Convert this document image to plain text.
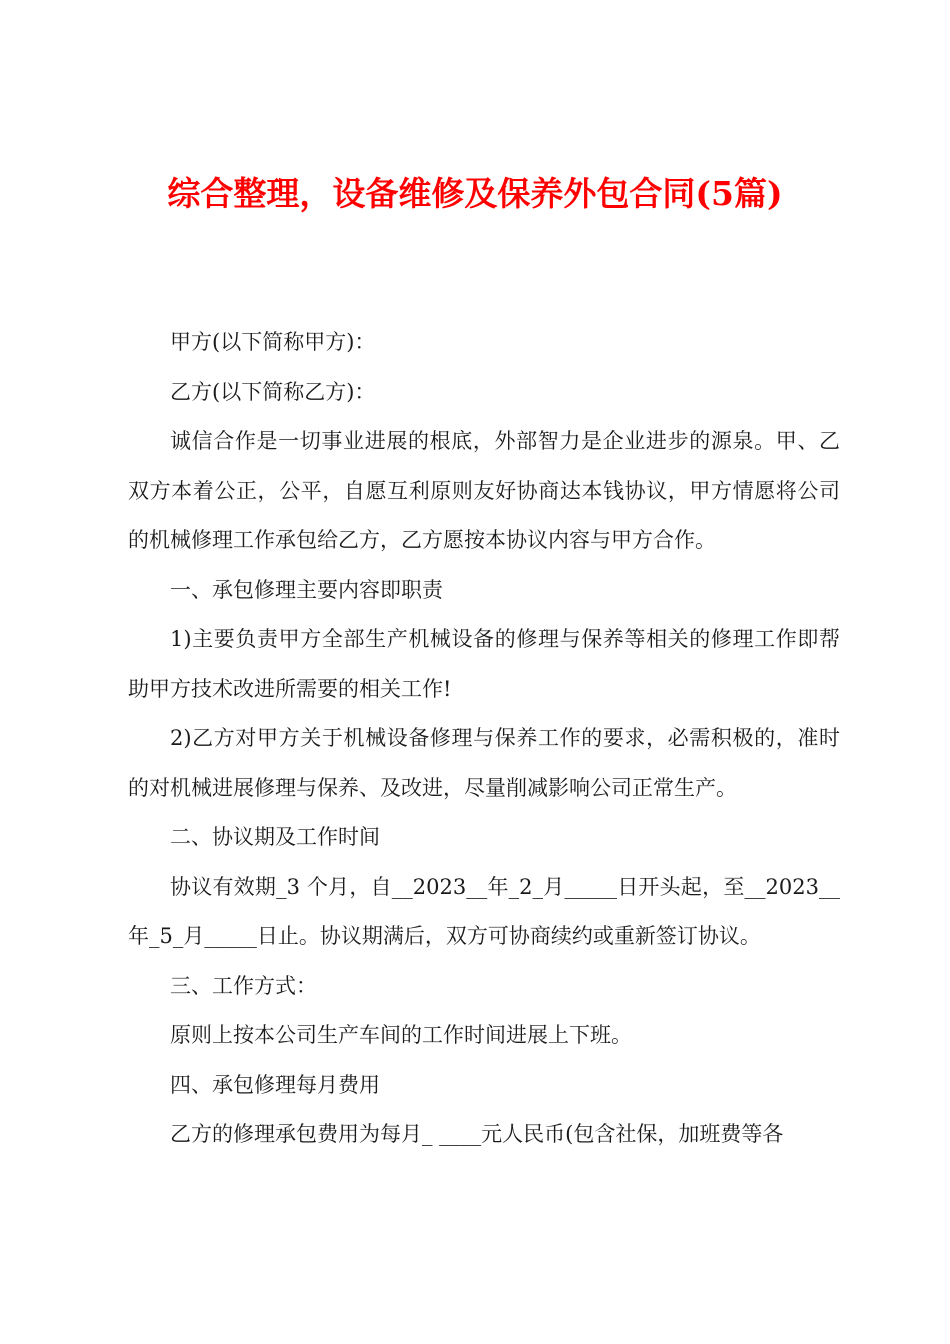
综合整理，设备维修及保养外包合同(5篇)

甲方(以下简称甲方)：

乙方(以下简称乙方)：

诚信合作是一切事业进展的根底，外部智力是企业进步的源泉。甲、乙双方本着公正，公平，自愿互利原则友好协商达本钱协议，甲方情愿将公司的机械修理工作承包给乙方，乙方愿按本协议内容与甲方合作。

一、承包修理主要内容即职责

1)主要负责甲方全部生产机械设备的修理与保养等相关的修理工作即帮助甲方技术改进所需要的相关工作!

2)乙方对甲方关于机械设备修理与保养工作的要求，必需积极的，准时的对机械进展修理与保养、及改进，尽量削减影响公司正常生产。

二、协议期及工作时间

协议有效期_3 个月，自__2023__年_2_月_____日开头起，至__2023__年_5_月_____日止。协议期满后，双方可协商续约或重新签订协议。

三、工作方式：

原则上按本公司生产车间的工作时间进展上下班。

四、承包修理每月费用

乙方的修理承包费用为每月_ ____元人民币(包含社保，加班费等各
